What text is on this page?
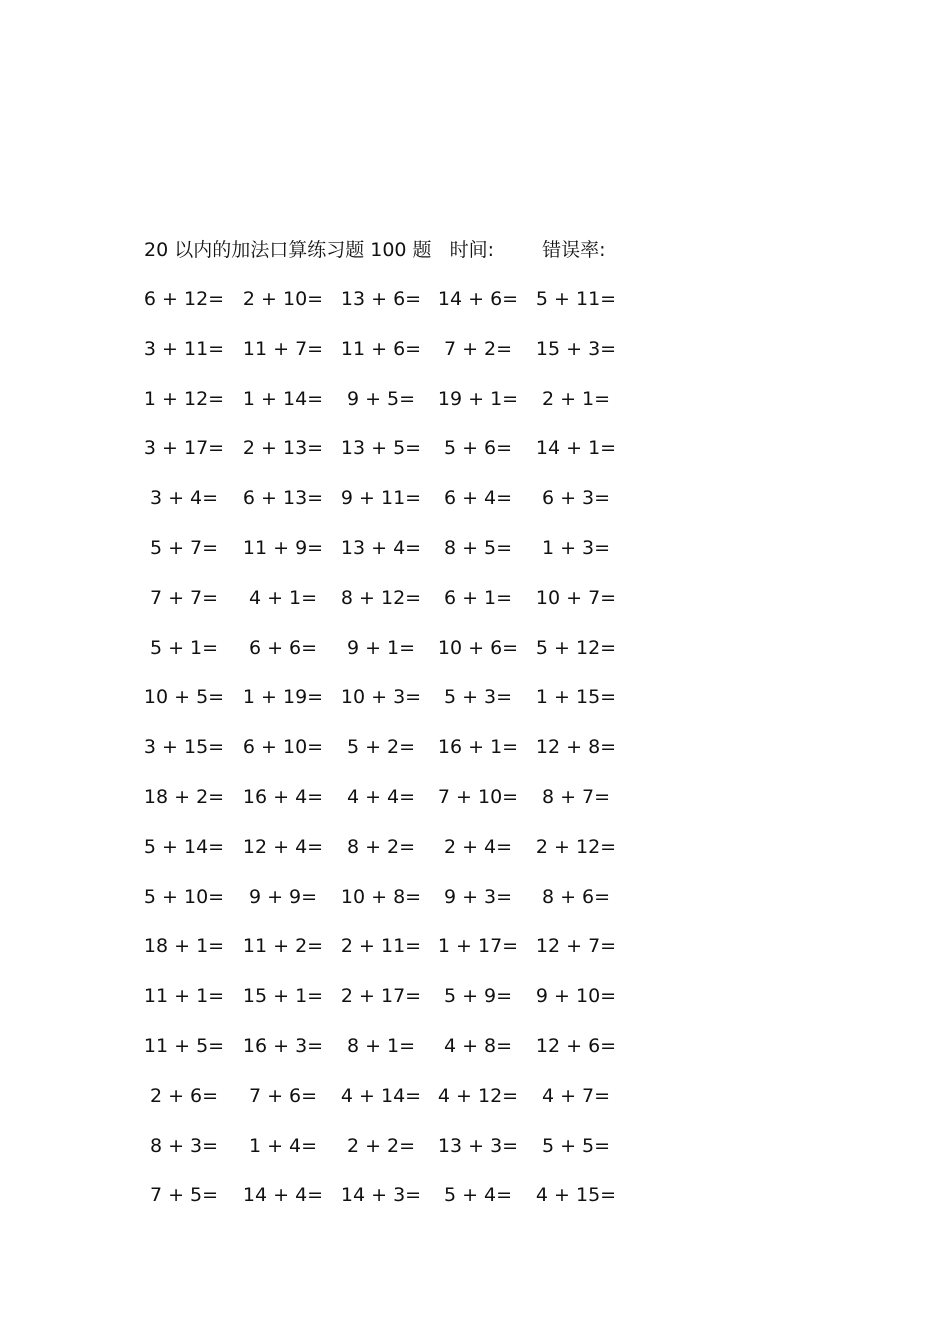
20 以内的加法口算练习题 100 题 时间:	错误率:
6 + 12= 2 + 10= 13 + 6= 14 + 6= 5 + 11=
3 + 11= 11 + 7= 11 + 6=	7 + 2=	15 + 3=
1 + 12= 1 + 14=	9 + 5=	19 + 1=	2 + 1=
3 + 17= 2 + 13= 13 + 5=	5 + 6=	14 + 1=
3 + 4=	6 + 13= 9 + 11=	6 + 4=	6 + 3=
5 + 7=	11 + 9= 13 + 4=	8 + 5=	1 + 3=
7 + 7=	4 + 1=	8 + 12=	6 + 1=	10 + 7=
5 + 1=	6 + 6=	9 + 1=	10 + 6= 5 + 12=
10 + 5= 1 + 19= 10 + 3=	5 + 3=	1 + 15=
3 + 15= 6 + 10=	5 + 2=	16 + 1= 12 + 8=
18 + 2= 16 + 4=	4 + 4=	7 + 10=	8 + 7=
5 + 14= 12 + 4=	8 + 2=	2 + 4=	2 + 12=
5 + 10=	9 + 9=	10 + 8=	9 + 3=	8 + 6=
18 + 1= 11 + 2= 2 + 11= 1 + 17= 12 + 7=
11 + 1= 15 + 1= 2 + 17=	5 + 9=	9 + 10=
11 + 5= 16 + 3=	8 + 1=	4 + 8=	12 + 6=
2 + 6=	7 + 6=	4 + 14= 4 + 12=	4 + 7=
8 + 3=	1 + 4=	2 + 2=	13 + 3=	5 + 5=
7 + 5=	14 + 4= 14 + 3=	5 + 4=	4 + 15=
